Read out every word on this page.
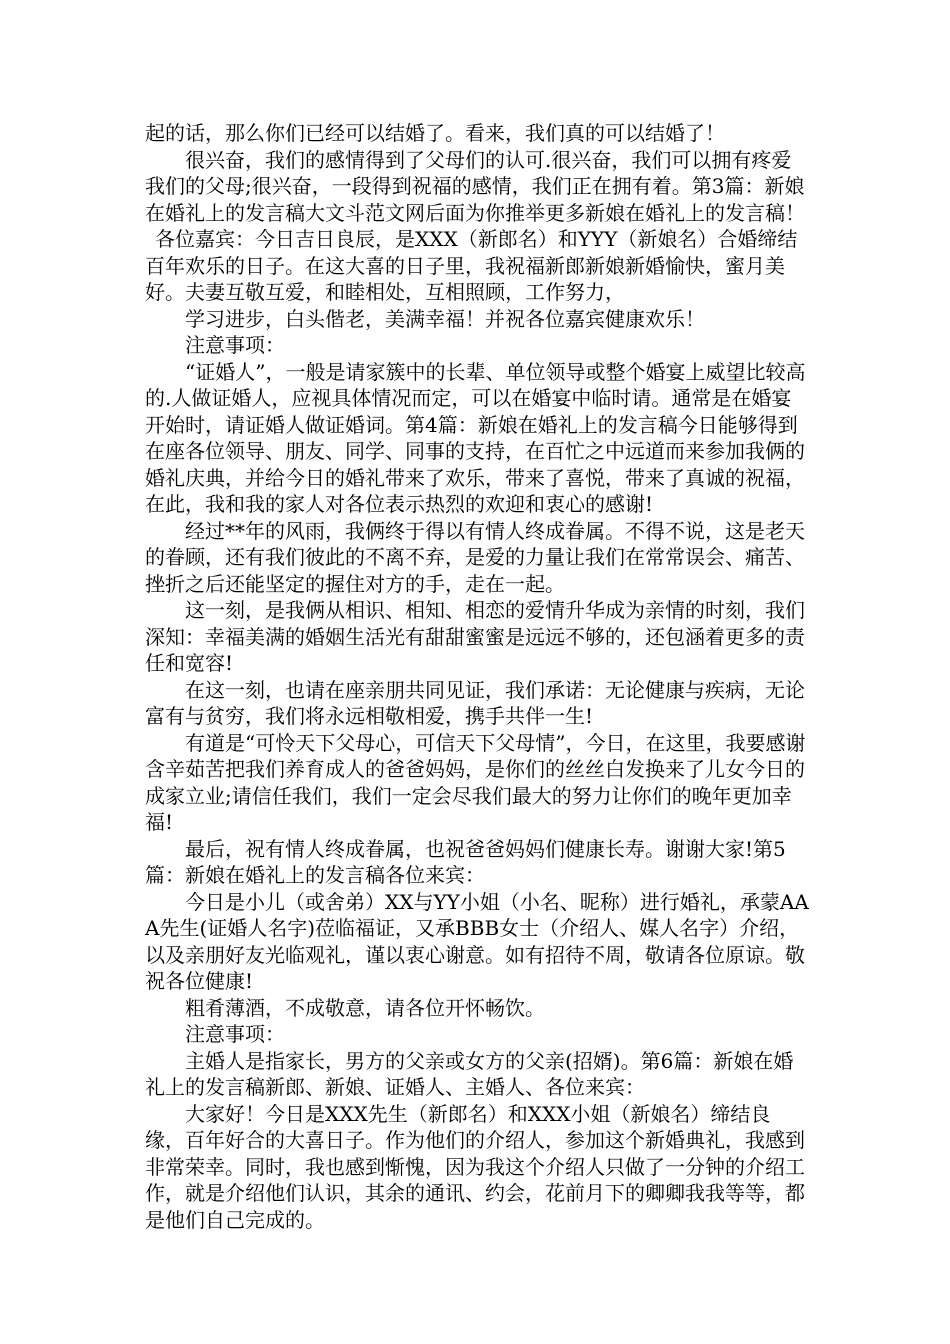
起的话，那么你们已经可以结婚了。看来，我们真的可以结婚了！

很兴奋，我们的感情得到了父母们的认可.很兴奋，我们可以拥有疼爱我们的父母;很兴奋，一段得到祝福的感情，我们正在拥有着。第3篇：新娘在婚礼上的发言稿大文斗范文网后面为你推举更多新娘在婚礼上的发言稿！

各位嘉宾：今日吉日良辰，是XXX（新郎名）和YYY（新娘名）合婚缔结百年欢乐的日子。在这大喜的日子里，我祝福新郎新娘新婚愉快，蜜月美好。夫妻互敬互爱，和睦相处，互相照顾，工作努力，

学习进步，白头偕老，美满幸福！并祝各位嘉宾健康欢乐！

注意事项：

“证婚人”，一般是请家簇中的长辈、单位领导或整个婚宴上威望比较高的.人做证婚人，应视具体情况而定，可以在婚宴中临时请。通常是在婚宴开始时，请证婚人做证婚词。第4篇：新娘在婚礼上的发言稿今日能够得到在座各位领导、朋友、同学、同事的支持，在百忙之中远道而来参加我俩的婚礼庆典，并给今日的婚礼带来了欢乐，带来了喜悦，带来了真诚的祝福，在此，我和我的家人对各位表示热烈的欢迎和衷心的感谢!

经过**年的风雨，我俩终于得以有情人终成眷属。不得不说，这是老天的眷顾，还有我们彼此的不离不弃，是爱的力量让我们在常常误会、痛苦、挫折之后还能坚定的握住对方的手，走在一起。

这一刻，是我俩从相识、相知、相恋的爱情升华成为亲情的时刻，我们深知：幸福美满的婚姻生活光有甜甜蜜蜜是远远不够的，还包涵着更多的责任和宽容!

在这一刻，也请在座亲朋共同见证，我们承诺：无论健康与疾病，无论富有与贫穷，我们将永远相敬相爱，携手共伴一生!

有道是“可怜天下父母心，可信天下父母情”，今日，在这里，我要感谢含辛茹苦把我们养育成人的爸爸妈妈，是你们的丝丝白发换来了儿女今日的成家立业;请信任我们，我们一定会尽我们最大的努力让你们的晚年更加幸福!

最后，祝有情人终成眷属，也祝爸爸妈妈们健康长寿。谢谢大家!第5篇：新娘在婚礼上的发言稿各位来宾：

今日是小儿（或舍弟）XX与YY小姐（小名、昵称）进行婚礼，承蒙AAA先生(证婚人名字)莅临福证，又承BBB女士（介绍人、媒人名字）介绍，以及亲朋好友光临观礼，谨以衷心谢意。如有招待不周，敬请各位原谅。敬祝各位健康!

粗肴薄酒，不成敬意，请各位开怀畅饮。

注意事项：

主婚人是指家长，男方的父亲或女方的父亲(招婿)。第6篇：新娘在婚礼上的发言稿新郎、新娘、证婚人、主婚人、各位来宾：

大家好！今日是XXX先生（新郎名）和XXX小姐（新娘名）缔结良缘，百年好合的大喜日子。作为他们的介绍人，参加这个新婚典礼，我感到非常荣幸。同时，我也感到惭愧，因为我这个介绍人只做了一分钟的介绍工作，就是介绍他们认识，其余的通讯、约会，花前月下的卿卿我我等等，都是他们自己完成的。
